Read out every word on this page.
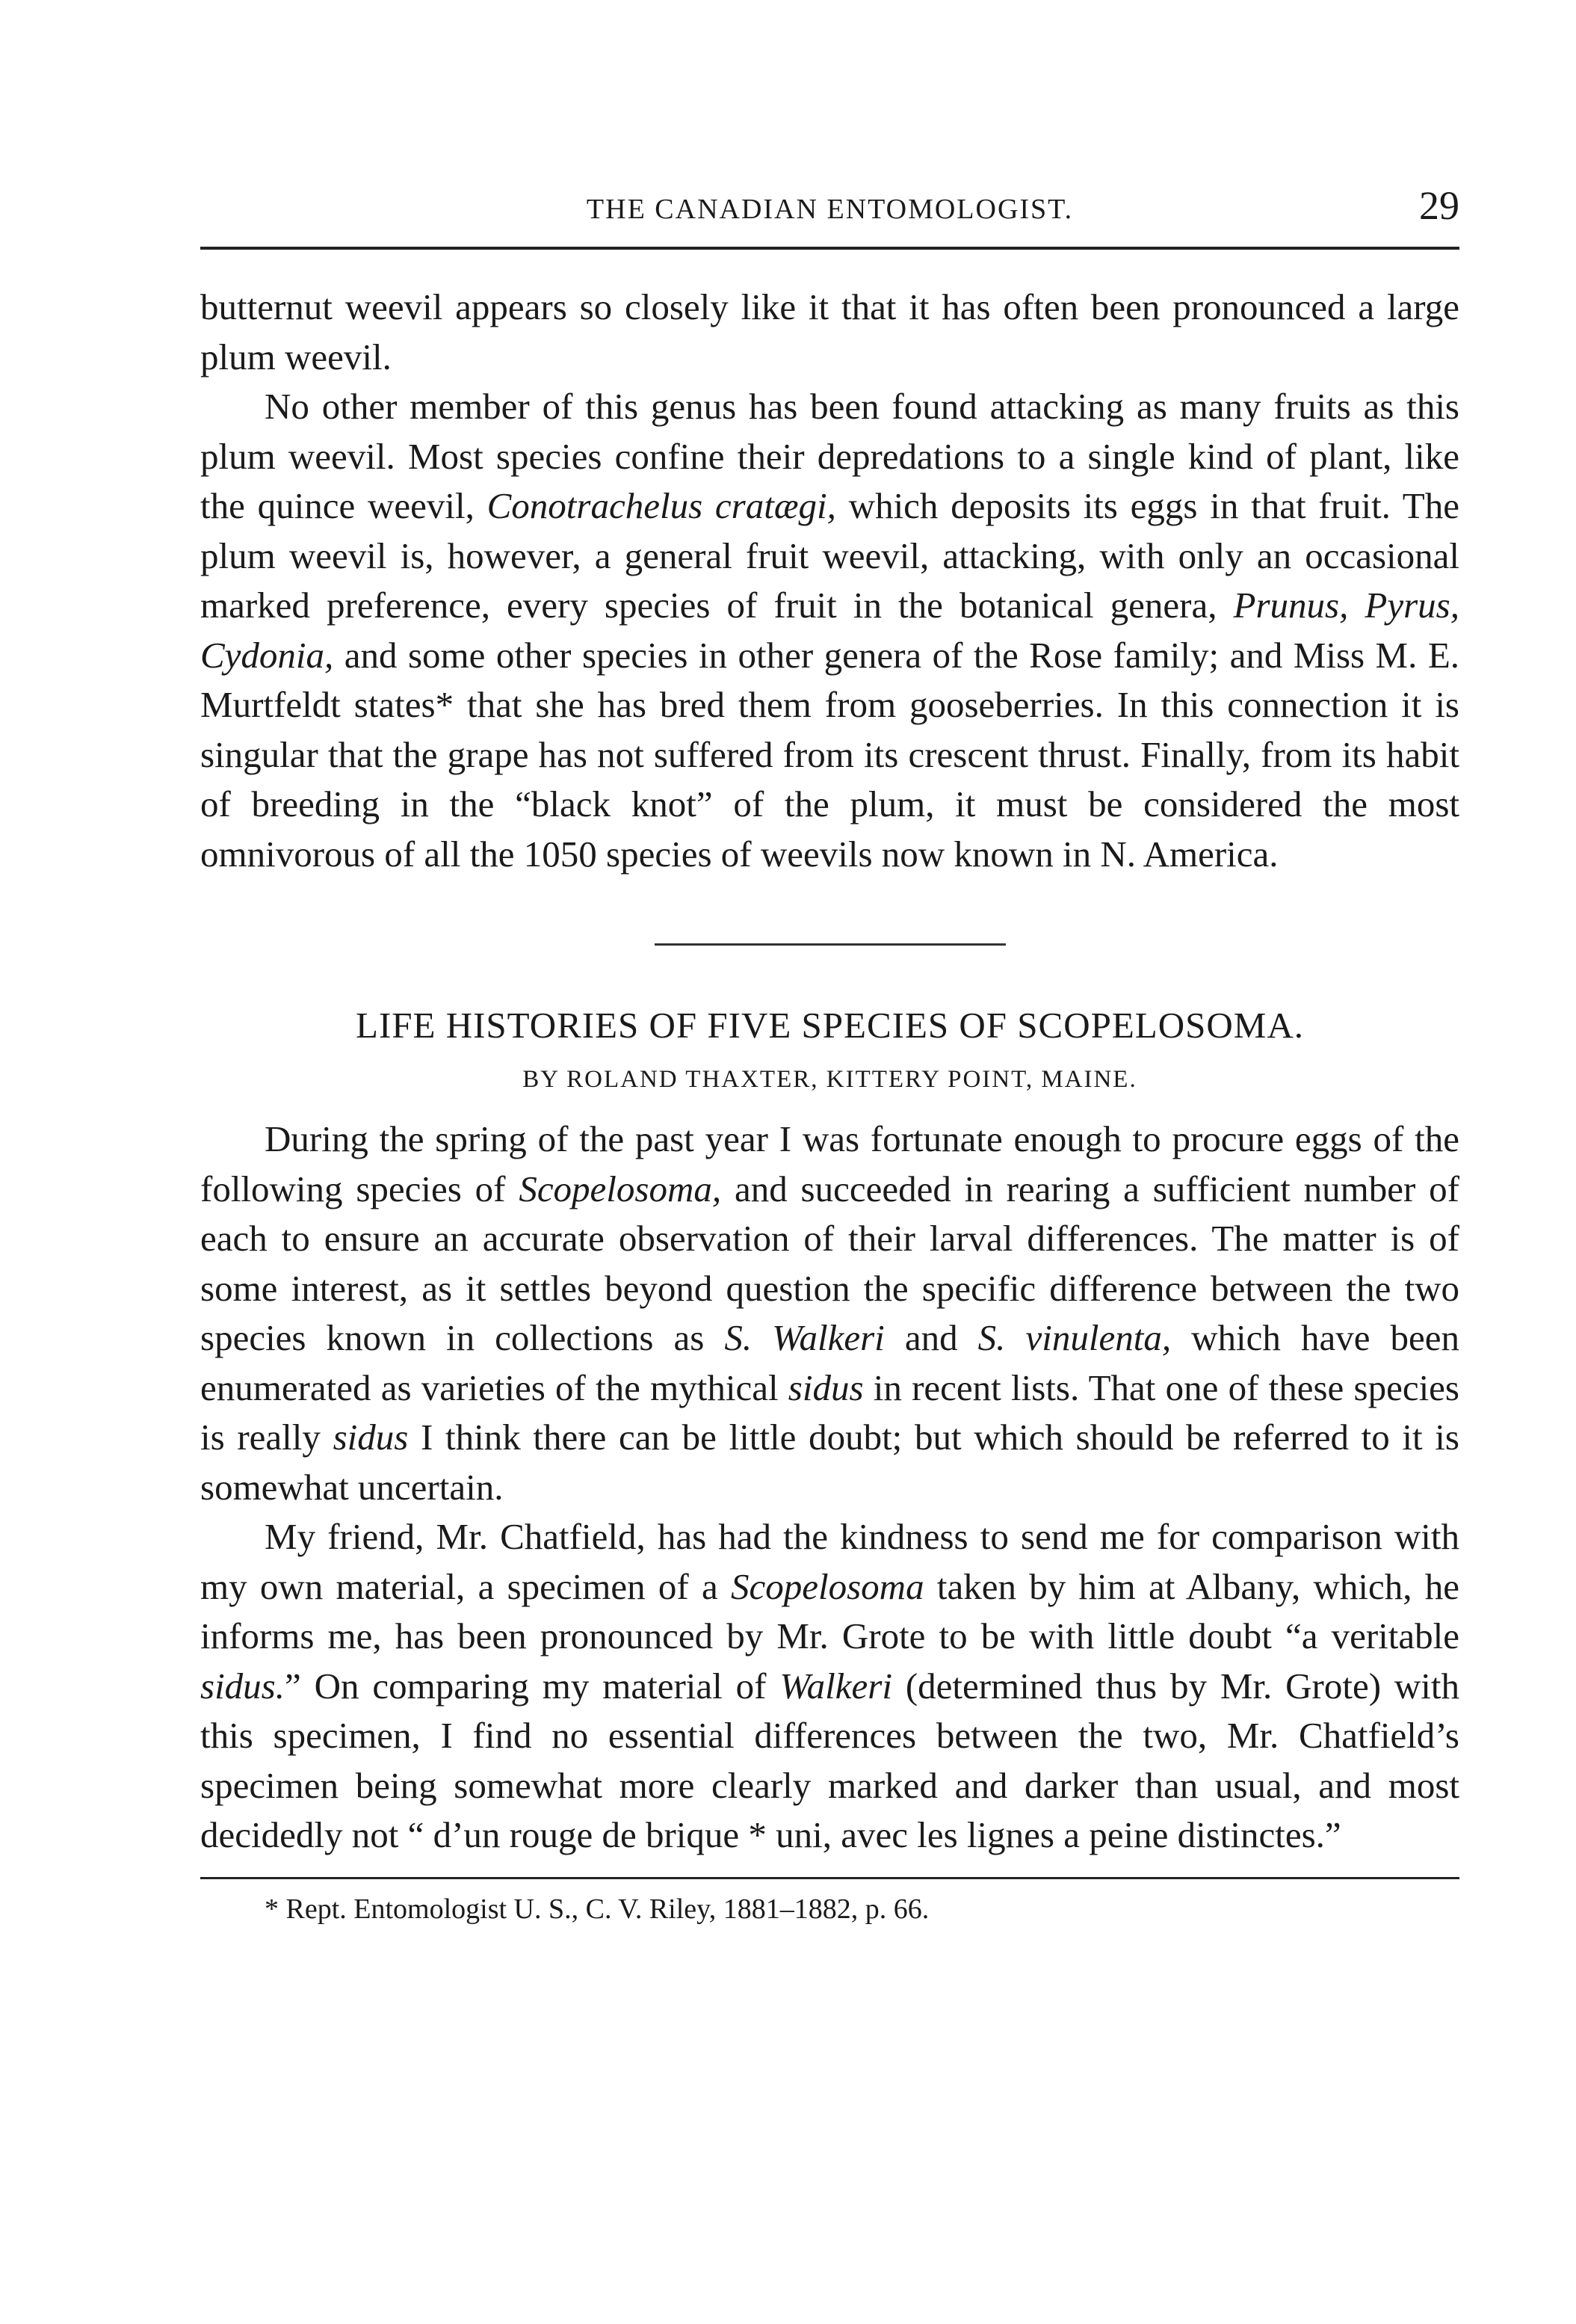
THE CANADIAN ENTOMOLOGIST.	29

butternut weevil appears so closely like it that it has often been pronounced a large plum weevil.

No other member of this genus has been found attacking as many fruits as this plum weevil. Most species confine their depredations to a single kind of plant, like the quince weevil, Conotrachelus cratægi, which deposits its eggs in that fruit. The plum weevil is, however, a general fruit weevil, attacking, with only an occasional marked preference, every species of fruit in the botanical genera, Prunus, Pyrus, Cydonia, and some other species in other genera of the Rose family; and Miss M. E. Murtfeldt states* that she has bred them from gooseberries. In this connection it is singular that the grape has not suffered from its crescent thrust. Finally, from its habit of breeding in the “black knot” of the plum, it must be considered the most omnivorous of all the 1050 species of weevils now known in N. America.

LIFE HISTORIES OF FIVE SPECIES OF SCOPELOSOMA.
BY ROLAND THAXTER, KITTERY POINT, MAINE.

During the spring of the past year I was fortunate enough to procure eggs of the following species of Scopelosoma, and succeeded in rearing a sufficient number of each to ensure an accurate observation of their larval differences. The matter is of some interest, as it settles beyond question the specific difference between the two species known in collections as S. Walkeri and S. vinulenta, which have been enumerated as varieties of the mythical sidus in recent lists. That one of these species is really sidus I think there can be little doubt; but which should be referred to it is somewhat uncertain.

My friend, Mr. Chatfield, has had the kindness to send me for comparison with my own material, a specimen of a Scopelosoma taken by him at Albany, which, he informs me, has been pronounced by Mr. Grote to be with little doubt “a veritable sidus.” On comparing my material of Walkeri (determined thus by Mr. Grote) with this specimen, I find no essential differences between the two, Mr. Chatfield’s specimen being somewhat more clearly marked and darker than usual, and most decidedly not “ d’un rouge de brique * uni, avec les lignes a peine distinctes.”

* Rept. Entomologist U. S., C. V. Riley, 1881–1882, p. 66.
